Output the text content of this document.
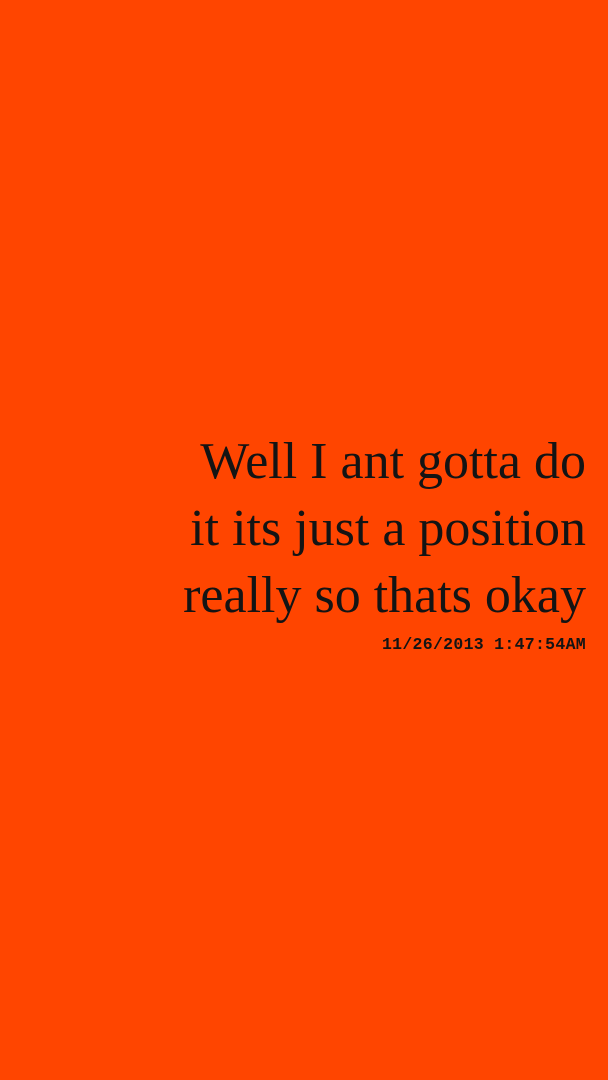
Well I ant gotta do
it its just a position
really so thats okay
11/26/2013 1:47:54AM
